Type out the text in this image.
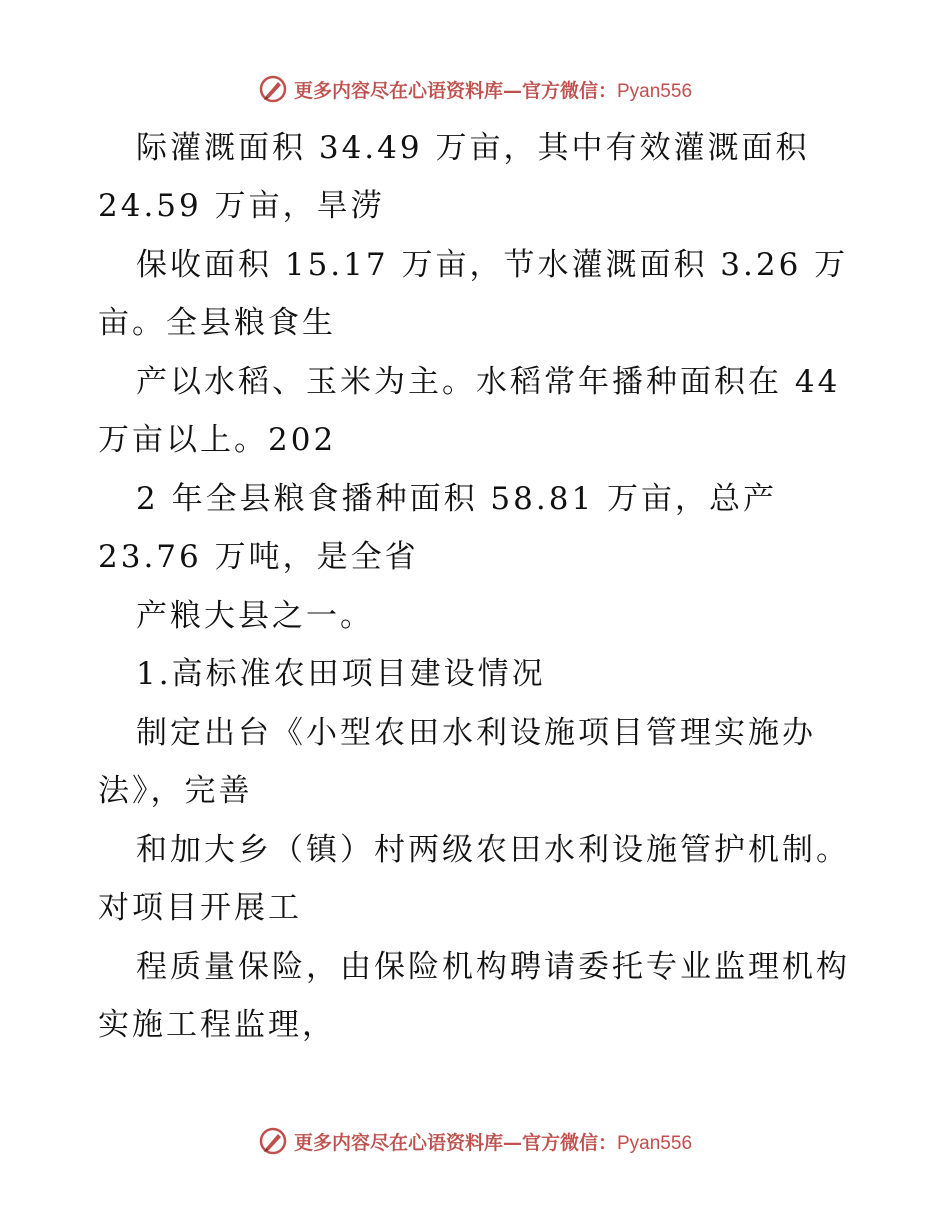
更多内容尽在心语资料库—官方微信：Pyan556
际灌溉面积 34.49 万亩，其中有效灌溉面积
24.59 万亩，旱涝
保收面积 15.17 万亩，节水灌溉面积 3.26 万
亩。全县粮食生
产以水稻、玉米为主。水稻常年播种面积在 44
万亩以上。202
2 年全县粮食播种面积 58.81 万亩，总产
23.76 万吨，是全省
产粮大县之一。
1.高标准农田项目建设情况
制定出台《小型农田水利设施项目管理实施办
法》，完善
和加大乡（镇）村两级农田水利设施管护机制。
对项目开展工
程质量保险，由保险机构聘请委托专业监理机构
实施工程监理，
更多内容尽在心语资料库—官方微信：Pyan556
